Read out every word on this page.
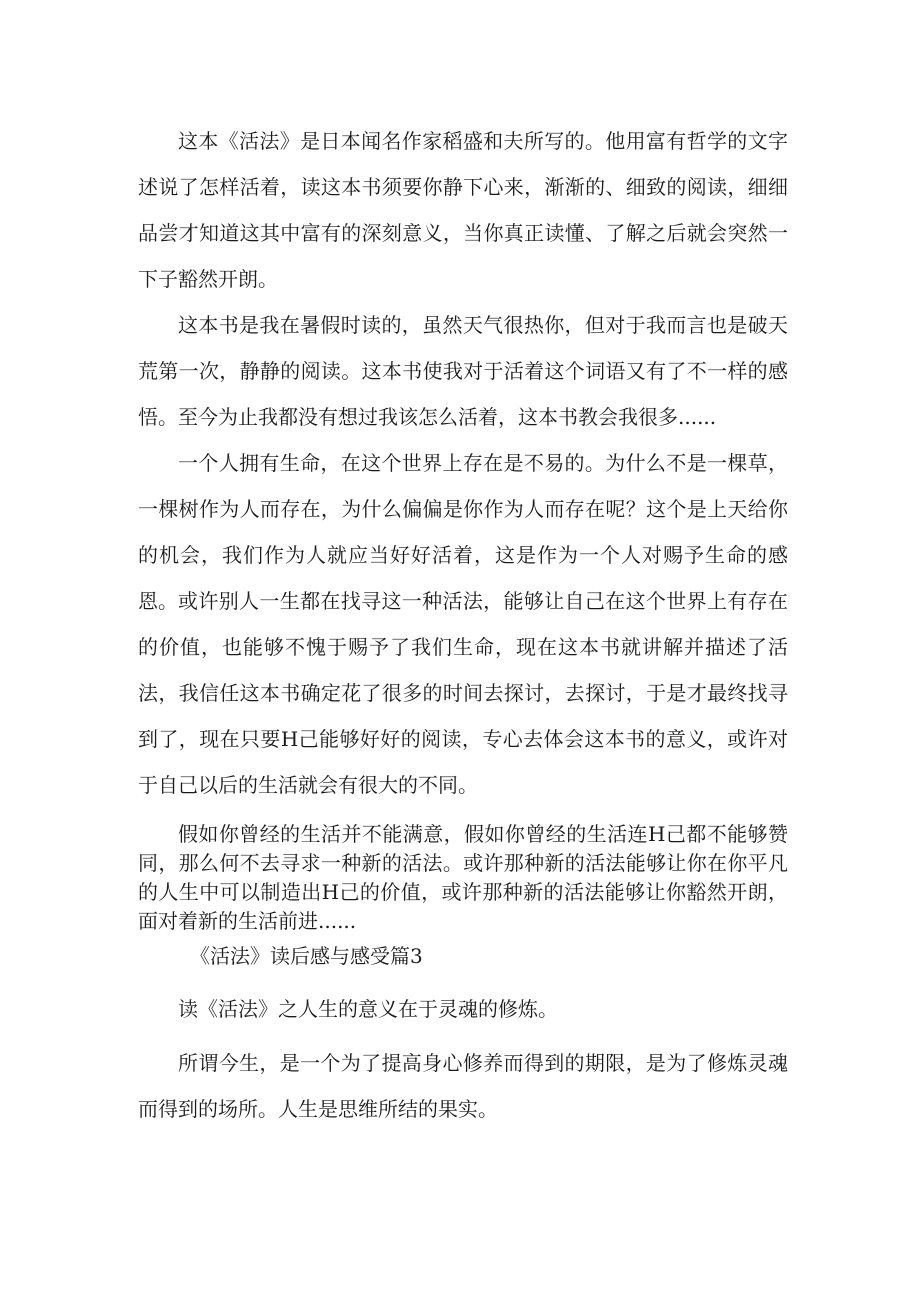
这本《活法》是日本闻名作家稻盛和夫所写的。他用富有哲学的文字述说了怎样活着，读这本书须要你静下心来，渐渐的、细致的阅读，细细品尝才知道这其中富有的深刻意义，当你真正读懂、了解之后就会突然一下子豁然开朗。

这本书是我在暑假时读的，虽然天气很热你，但对于我而言也是破天荒第一次，静静的阅读。这本书使我对于活着这个词语又有了不一样的感悟。至今为止我都没有想过我该怎么活着，这本书教会我很多......

一个人拥有生命，在这个世界上存在是不易的。为什么不是一棵草，一棵树作为人而存在，为什么偏偏是你作为人而存在呢？这个是上天给你的机会，我们作为人就应当好好活着，这是作为一个人对赐予生命的感恩。 或许别人一生都在找寻这一种活法，能够让自己在这个世界上有存在的价值，也能够不愧于赐予了我们生命，现在这本书就讲解并描述了活法，我信任这本书确定花了很多的时间去探讨，去探讨，于是才最终找寻到了，现在只要H己能够好好的阅读，专心去体会这本书的意义，或许对于自己以后的生活就会有很大的不同。

假如你曾经的生活并不能满意，假如你曾经的生活连H己都不能够赞同，那么何不去寻求一种新的活法。或许那种新的活法能够让你在你平凡的人生中可以制造出H己的价值，或许那种新的活法能够让你豁然开朗，面对着新的生活前进......

《活法》读后感与感受篇3

读《活法》之人生的意义在于灵魂的修炼。

所谓今生，是一个为了提高身心修养而得到的期限，是为了修炼灵魂而得到的场所。人生是思维所结的果实。
